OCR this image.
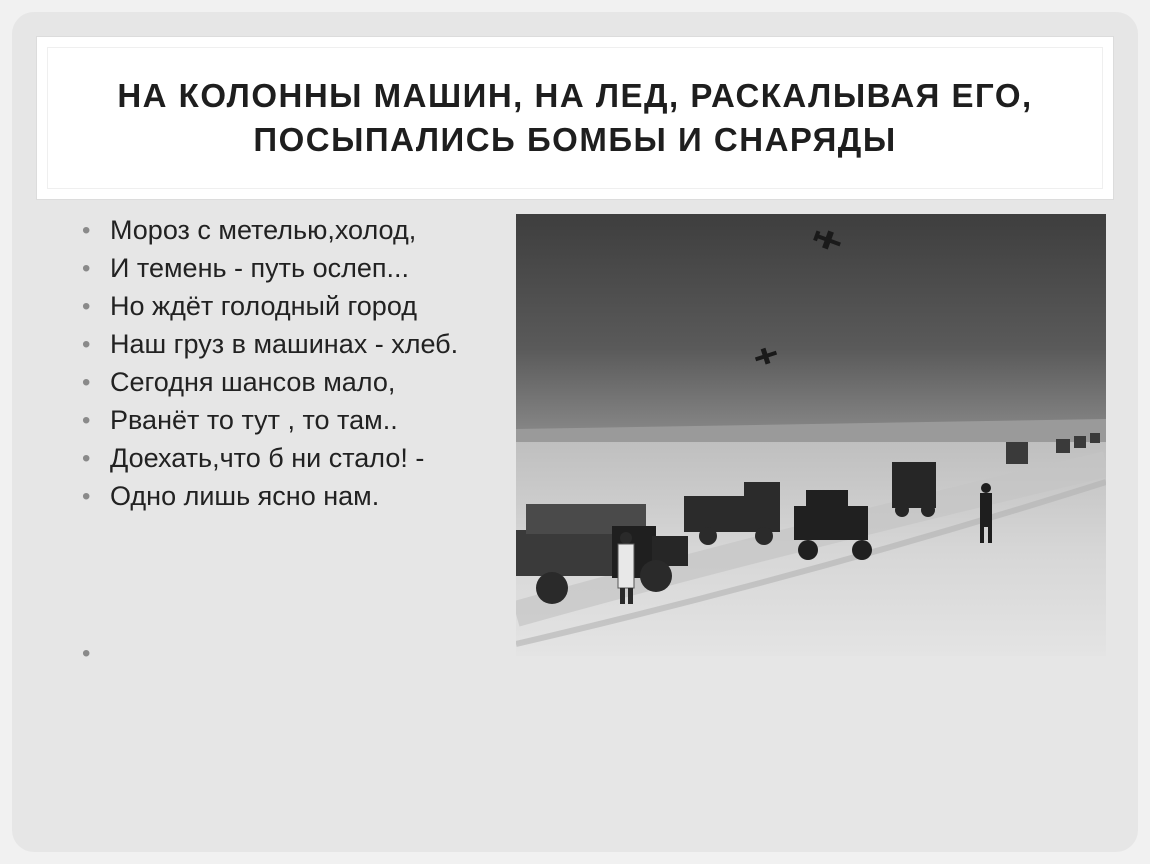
НА КОЛОННЫ МАШИН, НА ЛЕД, РАСКАЛЫВАЯ ЕГО,
ПОСЫПАЛИСЬ БОМБЫ И СНАРЯДЫ
• Мороз с метелью,холод,
• И темень - путь ослеп...
• Но ждёт голодный город
• Наш груз в машинах - хлеб.
• Сегодня шансов мало,
• Рванёт то тут , то там..
• Доехать,что б ни стало! -
• Одно лишь ясно нам.
•
